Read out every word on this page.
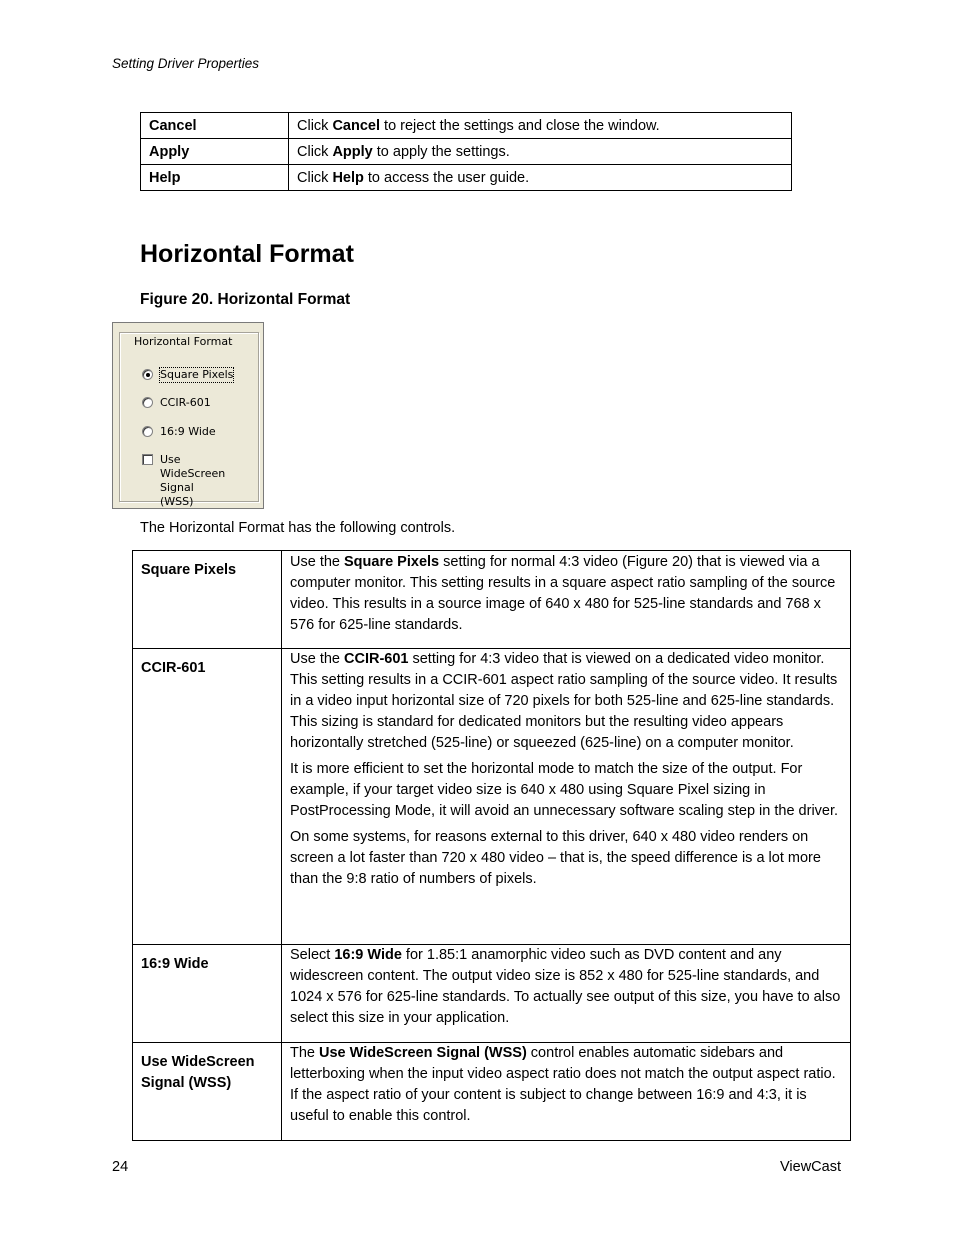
Setting Driver Properties
Cancel	Click Cancel to reject the settings and close the window.
Apply	Click Apply to apply the settings.
Help	Click Help to access the user guide.
Horizontal Format
Figure 20. Horizontal Format
Horizontal Format
Square Pixels
CCIR-601
16:9 Wide
Use WideScreen
Signal (WSS)
The Horizontal Format has the following controls.
Square Pixels	Use the Square Pixels setting for normal 4:3 video (Figure 20) that is viewed via a computer monitor. This setting results in a square aspect ratio sampling of the source video. This results in a source image of 640 x 480 for 525-line standards and 768 x 576 for 625-line standards.

CCIR-601	Use the CCIR-601 setting for 4:3 video that is viewed on a dedicated video monitor. This setting results in a CCIR-601 aspect ratio sampling of the source video. It results in a video input horizontal size of 720 pixels for both 525-line and 625-line standards. This sizing is standard for dedicated monitors but the resulting video appears horizontally stretched (525-line) or squeezed (625-line) on a computer monitor.

It is more efficient to set the horizontal mode to match the size of the output. For example, if your target video size is 640 x 480 using Square Pixel sizing in PostProcessing Mode, it will avoid an unnecessary software scaling step in the driver.

On some systems, for reasons external to this driver, 640 x 480 video renders on screen a lot faster than 720 x 480 video – that is, the speed difference is a lot more than the 9:8 ratio of numbers of pixels.

16:9 Wide	Select 16:9 Wide for 1.85:1 anamorphic video such as DVD content and any widescreen content. The output video size is 852 x 480 for 525-line standards, and 1024 x 576 for 625-line standards. To actually see output of this size, you have to also select this size in your application.

Use WideScreen Signal (WSS)	The Use WideScreen Signal (WSS) control enables automatic sidebars and letterboxing when the input video aspect ratio does not match the output aspect ratio. If the aspect ratio of your content is subject to change between 16:9 and 4:3, it is useful to enable this control.

24	ViewCast
